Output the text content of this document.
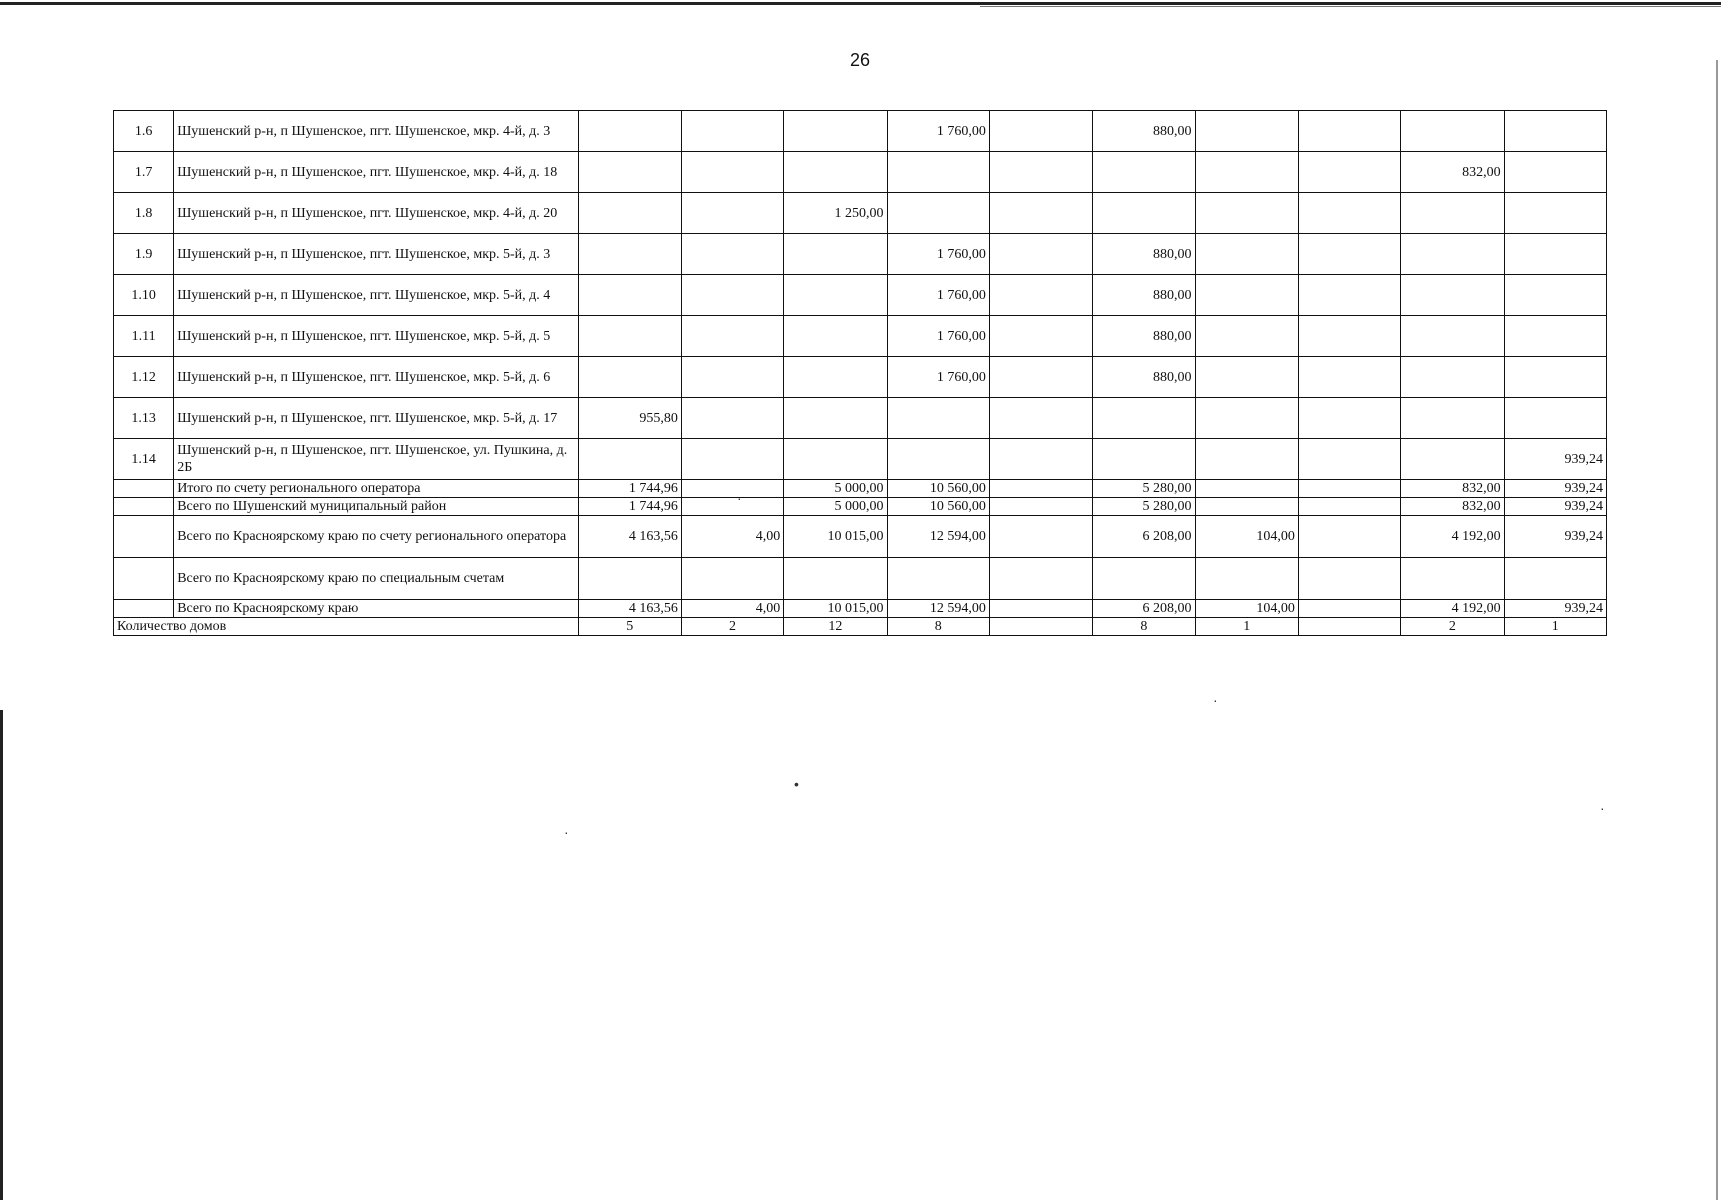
26
1.6	Шушенский р-н, п Шушенское, пгт. Шушенское, мкр. 4-й, д. 3				1 760,00		880,00				
1.7	Шушенский р-н, п Шушенское, пгт. Шушенское, мкр. 4-й, д. 18									832,00	
1.8	Шушенский р-н, п Шушенское, пгт. Шушенское, мкр. 4-й, д. 20			1 250,00							
1.9	Шушенский р-н, п Шушенское, пгт. Шушенское, мкр. 5-й, д. 3				1 760,00		880,00				
1.10	Шушенский р-н, п Шушенское, пгт. Шушенское, мкр. 5-й, д. 4				1 760,00		880,00				
1.11	Шушенский р-н, п Шушенское, пгт. Шушенское, мкр. 5-й, д. 5				1 760,00		880,00				
1.12	Шушенский р-н, п Шушенское, пгт. Шушенское, мкр. 5-й, д. 6				1 760,00		880,00				
1.13	Шушенский р-н, п Шушенское, пгт. Шушенское, мкр. 5-й, д. 17	955,80									
1.14	Шушенский р-н, п Шушенское, пгт. Шушенское, ул. Пушкина, д. 2Б										939,24
	Итого по счету регионального оператора	1 744,96		5 000,00	10 560,00		5 280,00			832,00	939,24
	Всего по Шушенский муниципальный район	1 744,96		5 000,00	10 560,00		5 280,00			832,00	939,24
	Всего по Красноярскому краю по счету регионального оператора	4 163,56	4,00	10 015,00	12 594,00		6 208,00	104,00		4 192,00	939,24
	Всего по Красноярскому краю по специальным счетам										
	Всего по Красноярскому краю	4 163,56	4,00	10 015,00	12 594,00		6 208,00	104,00		4 192,00	939,24
Количество домов		5	2	12	8		8	1		2	1
·
·
•
·
·
